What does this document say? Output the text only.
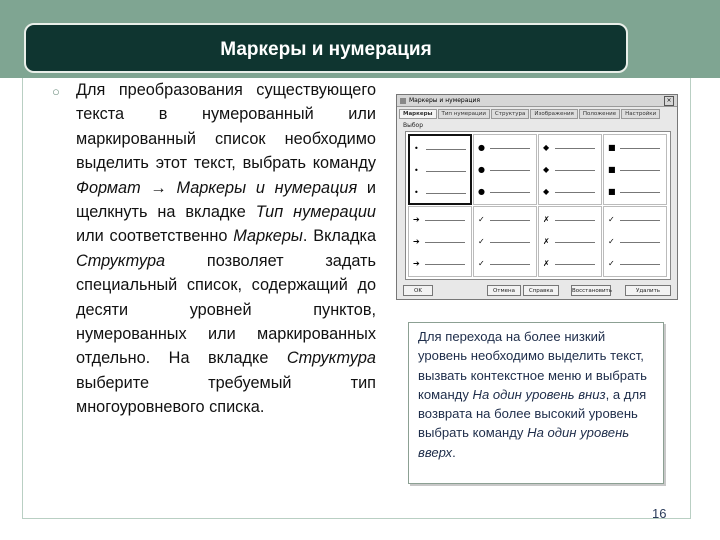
Маркеры и нумерация
○ Для преобразования существующего текста в нумерованный или маркированный список необходимо выделить этот текст, выбрать команду Формат → Маркеры и нумерация и щелкнуть на вкладке Тип нумерации или соответственно Маркеры. Вкладка Структура позволяет задать специальный список, содержащий до десяти уровней пунктов, нумерованных или маркированных отдельно. На вкладке Структура выберите требуемый тип многоуровневого списка.
Маркеры и нумерация	×
Маркеры	Тип нумерации	Структура	Изображения	Положение	Настройки
Выбор
•
•
•
●
●
●
◆
◆
◆
■
■
■
➔
➔
➔
✓
✓
✓
✗
✗
✗
✓
✓
✓
OK	Отмена	Справка	Восстановить	Удалить
Для перехода на более низкий уровень необходимо выделить текст, вызвать контекстное меню и выбрать команду На один уровень вниз, а для возврата на более высокий уровень выбрать команду На один уровень вверх.
16
